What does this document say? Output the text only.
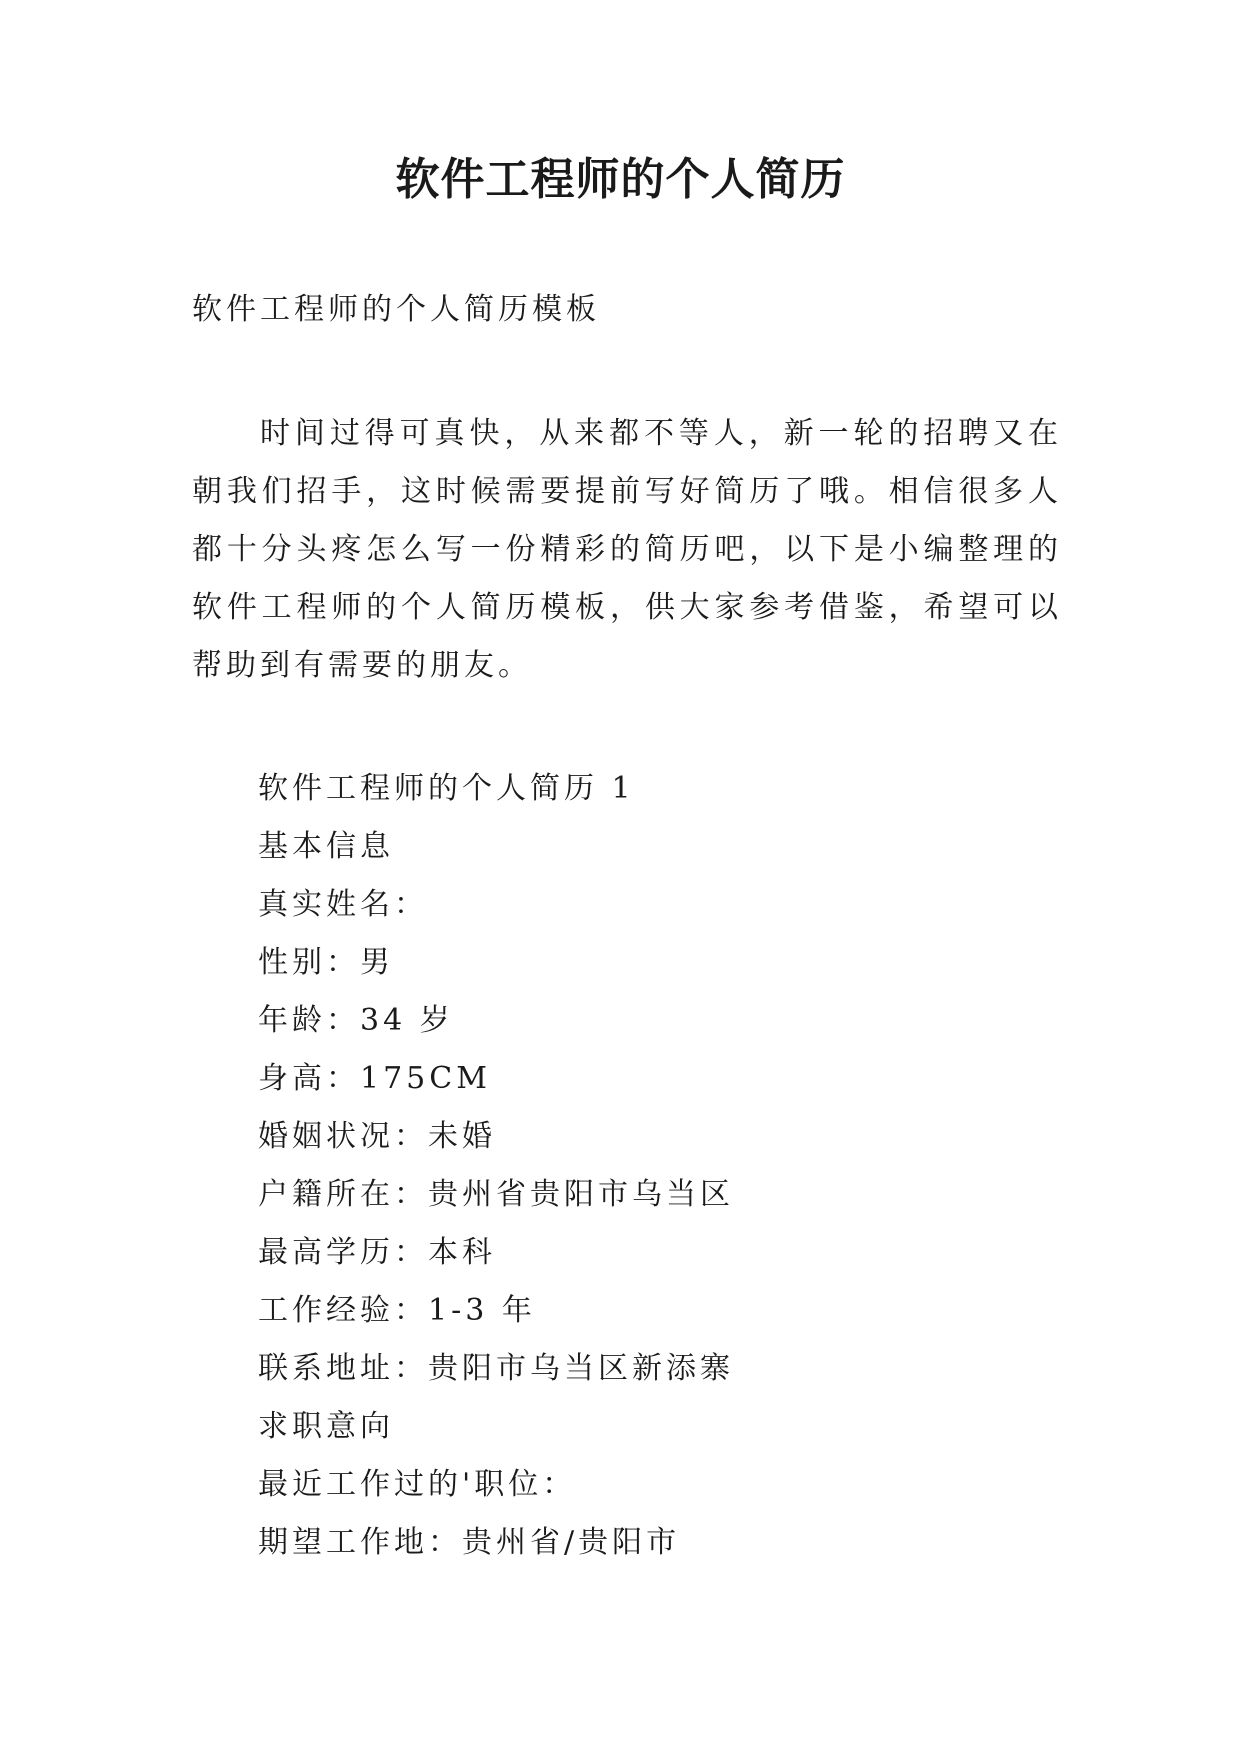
软件工程师的个人简历

软件工程师的个人简历模板

时间过得可真快，从来都不等人，新一轮的招聘又在朝我们招手，这时候需要提前写好简历了哦。相信很多人都十分头疼怎么写一份精彩的简历吧，以下是小编整理的软件工程师的个人简历模板，供大家参考借鉴，希望可以帮助到有需要的朋友。

软件工程师的个人简历 1
基本信息
真实姓名：
性别：男
年龄：34 岁
身高：175CM
婚姻状况：未婚
户籍所在：贵州省贵阳市乌当区
最高学历：本科
工作经验：1-3 年
联系地址：贵阳市乌当区新添寨
求职意向
最近工作过的'职位：
期望工作地：贵州省/贵阳市
